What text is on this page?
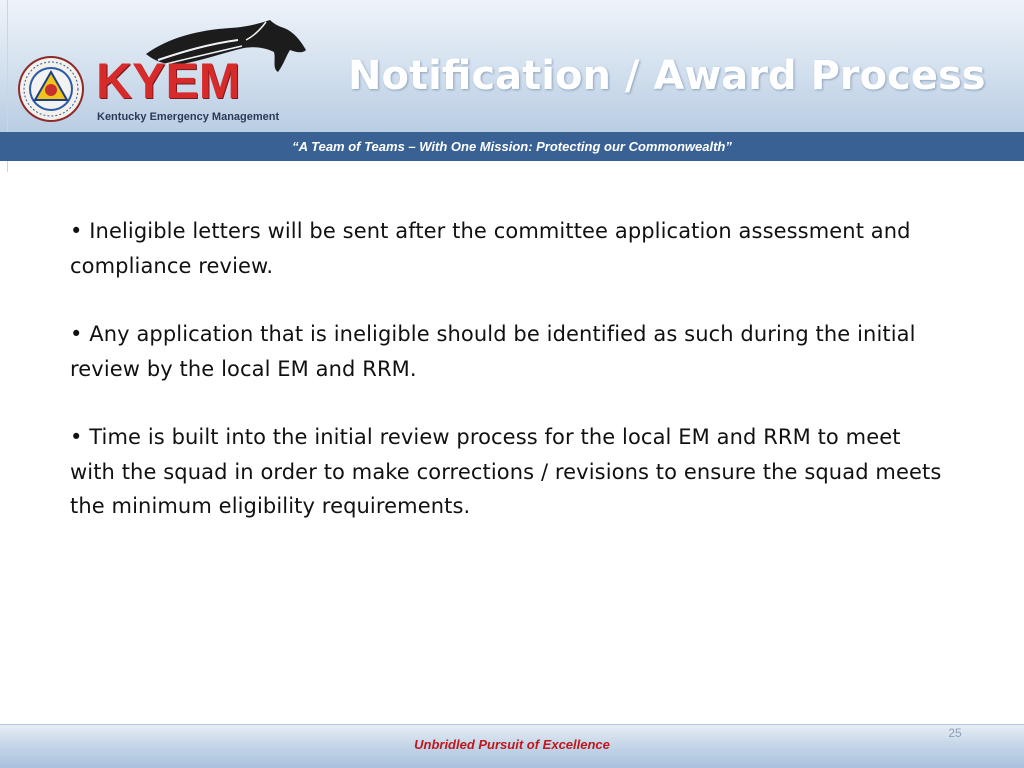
KYEM
Kentucky Emergency Management
Notification / Award Process
“A Team of Teams – With One Mission: Protecting our Commonwealth”

• Ineligible letters will be sent after the committee application assessment and compliance review.

• Any application that is ineligible should be identified as such during the initial review by the local EM and RRM.

• Time is built into the initial review process for the local EM and RRM to meet with the squad in order to make corrections / revisions to ensure the squad meets the minimum eligibility requirements.

Unbridled Pursuit of Excellence
25
